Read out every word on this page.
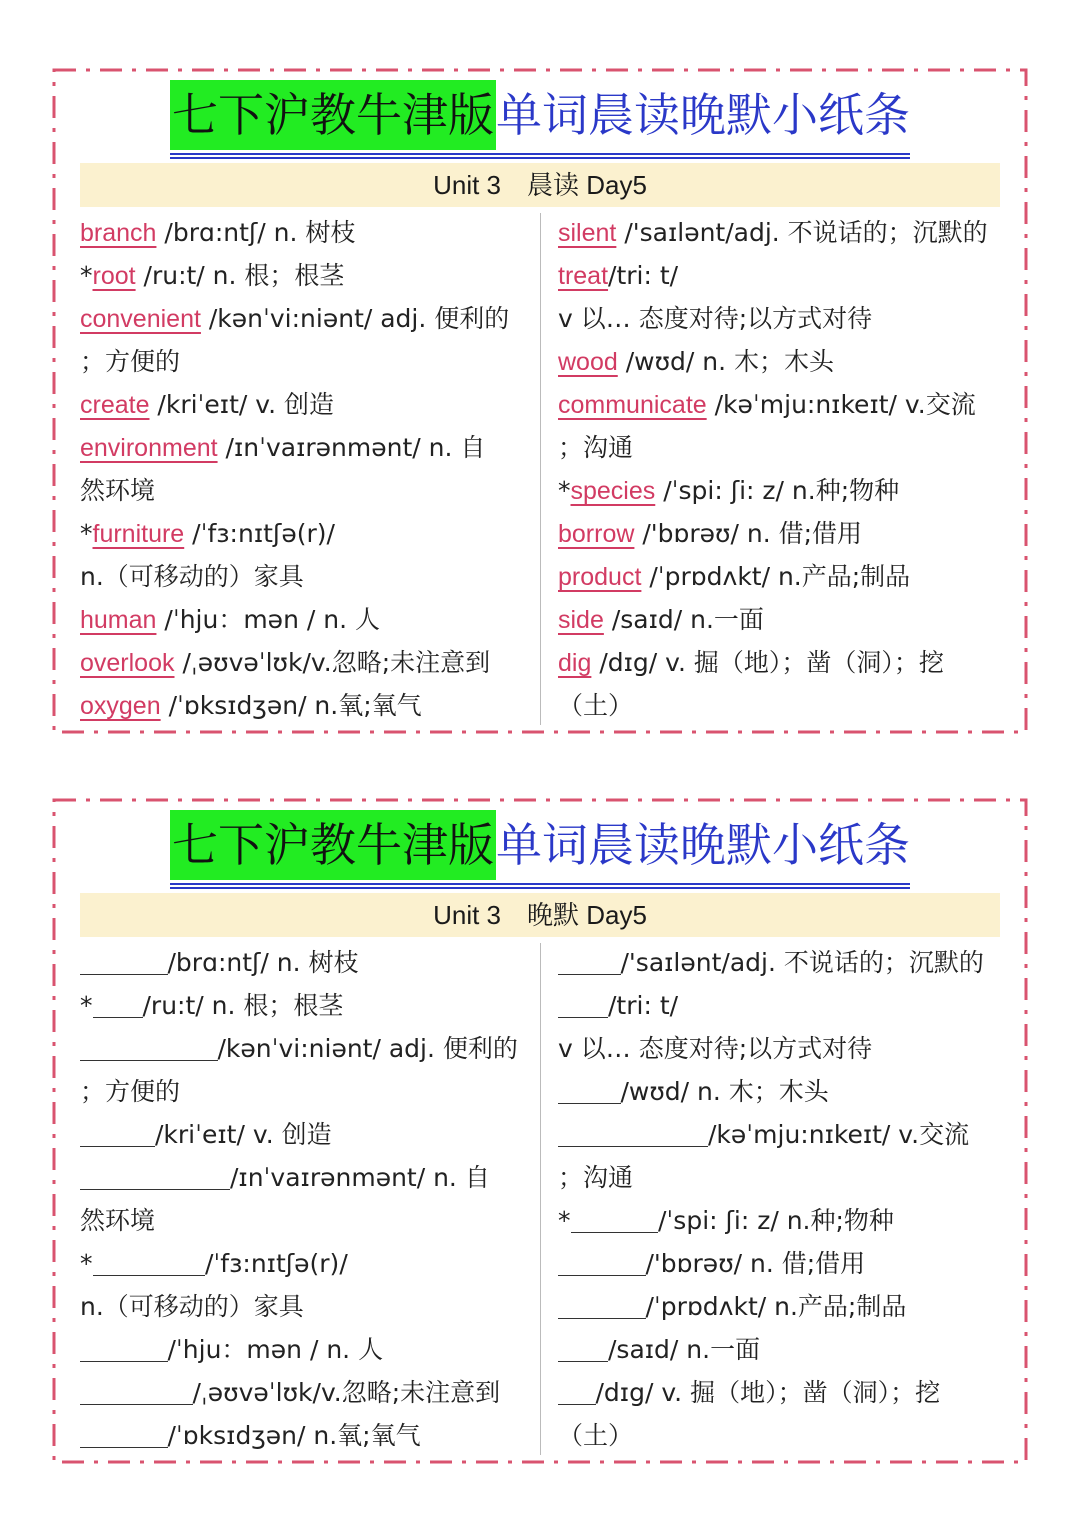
七下沪教牛津版单词晨读晚默小纸条
Unit 3　晨读 Day5
branch /brɑ:ntʃ/ n. 树枝
*root /ru:t/ n. 根；根茎
convenient /kənˈvi:niənt/ adj. 便利的
；方便的
create /kriˈeɪt/ v. 创造
environment /ɪnˈvaɪrənmənt/ n. 自
然环境
*furniture /ˈfɜ:nɪtʃə(r)/
n.（可移动的）家具
human /ˈhju：mən / n. 人
overlook /ˌəʊvəˈlʊk/v.忽略;未注意到
oxygen /ˈɒksɪdʒən/ n.氧;氧气
silent /'saɪlənt/adj. 不说话的；沉默的
treat/tri: t/
v 以… 态度对待;以方式对待
wood /wʊd/ n. 木；木头
communicate /kəˈmju:nɪkeɪt/ v.交流
；沟通
*species /ˈspi: ʃi: z/ n.种;物种
borrow /'bɒrəʊ/ n. 借;借用
product /ˈprɒdʌkt/ n.产品;制品
side /saɪd/ n.一面
dig /dɪg/ v. 掘（地）；凿（洞）；挖
（土）
七下沪教牛津版单词晨读晚默小纸条
Unit 3　晚默 Day5
/brɑ:ntʃ/ n. 树枝
* /ru:t/ n. 根；根茎
/kənˈvi:niənt/ adj. 便利的
；方便的
/kriˈeɪt/ v. 创造
/ɪnˈvaɪrənmənt/ n. 自
然环境
*	/ˈfɜ:nɪtʃə(r)/
n.（可移动的）家具
/ˈhju：mən / n. 人
/ˌəʊvəˈlʊk/v.忽略;未注意到
/ˈɒksɪdʒən/ n.氧;氧气
/'saɪlənt/adj. 不说话的；沉默的
/tri: t/
v 以… 态度对待;以方式对待
/wʊd/ n. 木；木头
/kəˈmju:nɪkeɪt/ v.交流
；沟通
*	/ˈspi: ʃi: z/ n.种;物种
/'bɒrəʊ/ n. 借;借用
/ˈprɒdʌkt/ n.产品;制品
/saɪd/ n.一面
/dɪg/ v. 掘（地）；凿（洞）；挖
（土）
